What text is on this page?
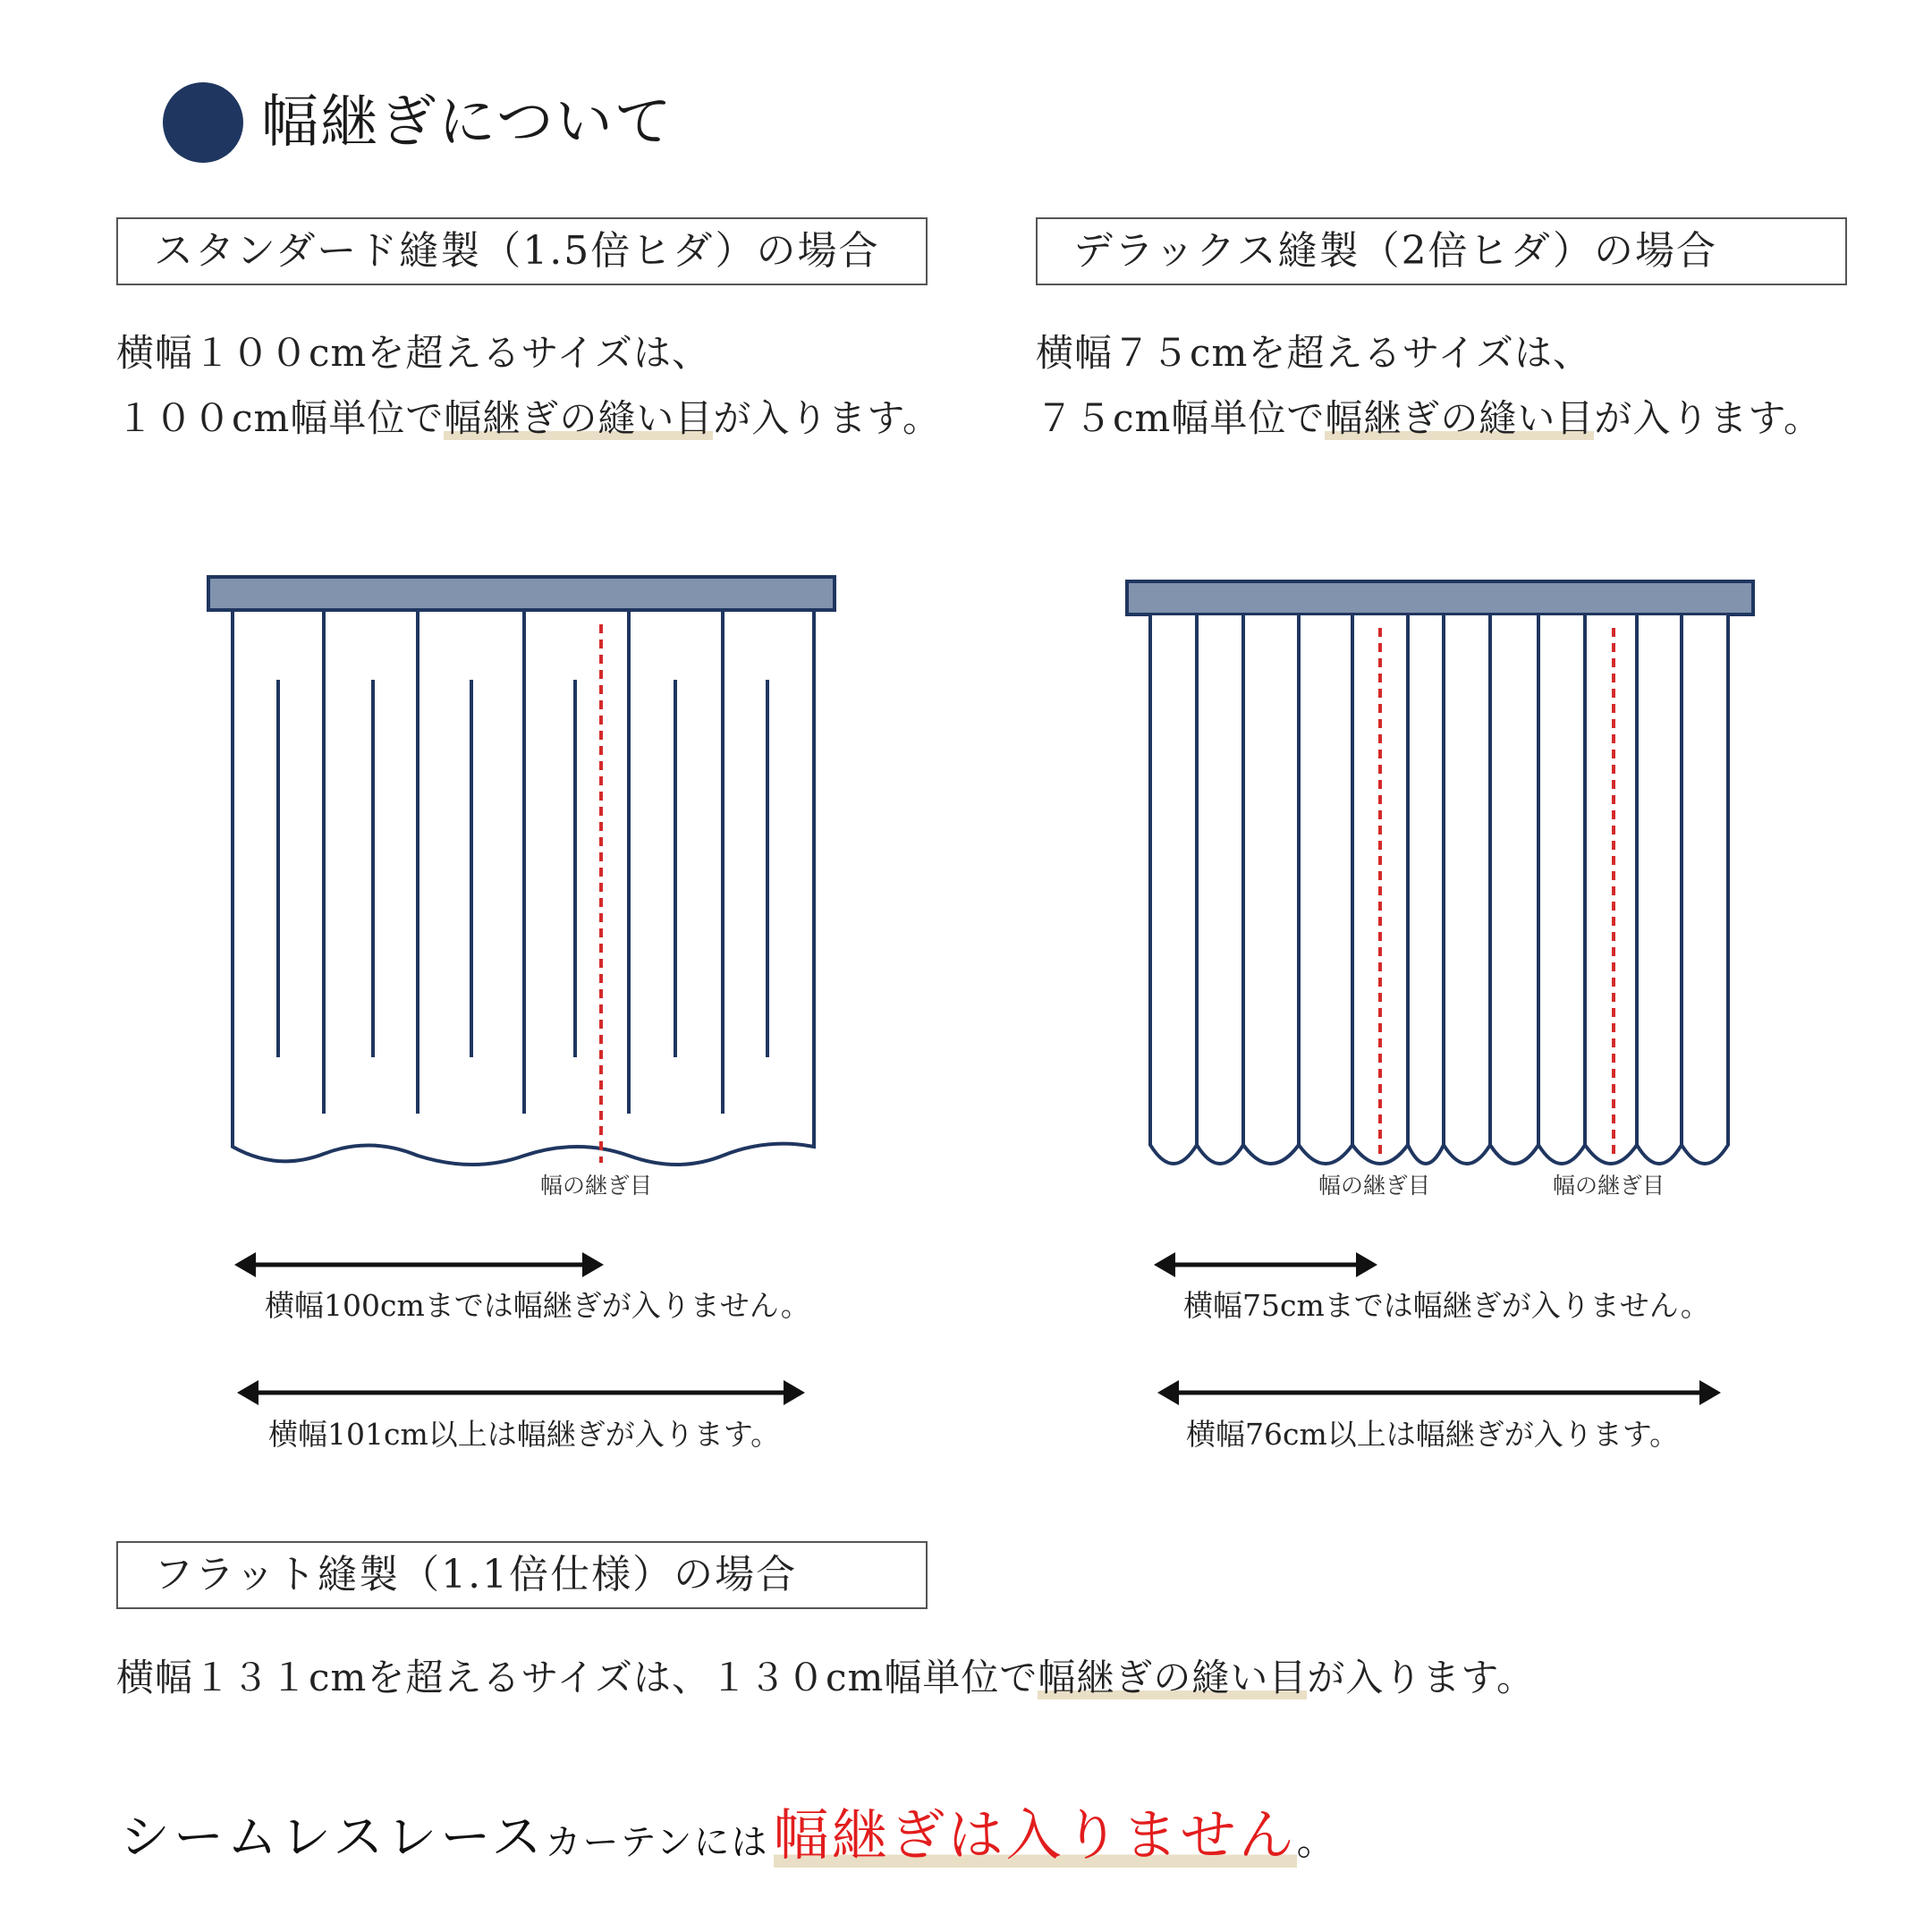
幅継ぎについて
スタンダード縫製（1.5倍ヒダ）の場合
横幅１００cmを超えるサイズは、
１００cm幅単位で幅継ぎの縫い目が入ります。
デラックス縫製（2倍ヒダ）の場合
横幅７５cmを超えるサイズは、
７５cm幅単位で幅継ぎの縫い目が入ります。
幅の継ぎ目	幅の継ぎ目	幅の継ぎ目
横幅100cmまでは幅継ぎが入りません。
横幅101cm以上は幅継ぎが入ります。
横幅75cmまでは幅継ぎが入りません。
横幅76cm以上は幅継ぎが入ります。
フラット縫製（1.1倍仕様）の場合
横幅１３１cmを超えるサイズは、１３０cm幅単位で幅継ぎの縫い目が入ります。
シームレスレースカーテンには 幅継ぎは入りません。
